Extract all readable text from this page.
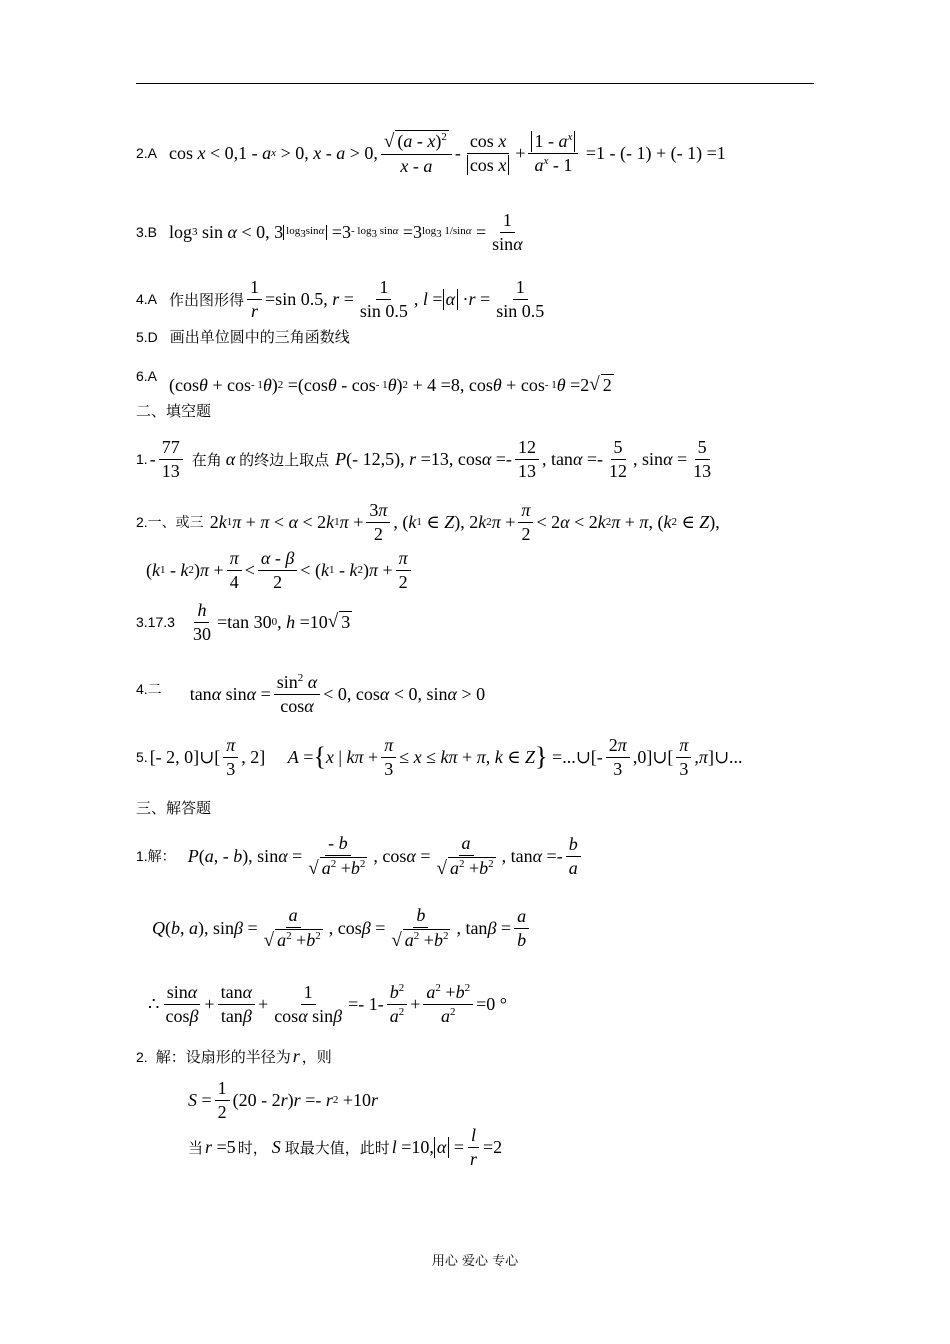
2.A cos x < 0,1 - a x > 0, x - a > 0,
√ (a - x)$^2$
x - a
-
cos x
cos x
+
$1 - a^x$
$a^x - 1$
=1 - (- 1) + (- 1) =1
3.B log 3 sin α < 0, 3 $\log_3\sin\alpha =3 - \log_3 \sin\alpha =3$ $\log_3 1/\sin\alpha$ =
1
sinα
4.A 作出图形得
1
r
=sin 0.5, r =
1
sin 0.5
, l = α · r =
1
sin 0.5
5.D 画出单位圆中的三角函数线
6.A (cos θ + cos - 1 θ ) 2 =(cos θ - cos - 1 θ ) 2 + 4 =8, cos θ + cos - 1 θ =2 √ 2
二、填空题
1. -
77
13
在角 α 的终边上取点 P (- 12,5), r =13, cos α =-
12
13
, tan α =-
5
12
, sin α =
5
13
2.一、或三 2 k 1 π + π < α < 2 k 1 π +
3π
2
, ( k 1 ∈ Z ), 2 k 2 π +
π
2
< 2 α < 2 k 2 π + π , ( k 2 ∈ Z ),
( k 1 - k 2 ) π +
π
4
<
α - β
2
< ( k 1 - k 2 ) π +
π
2
3.17.3
h
30
=tan 30 0 , h =10 √ 3
4.二 tan α sin α =
$\sin^2 \alpha$
cosα
< 0, cos α < 0, sin α > 0
5. [- 2, 0]∪[
π
3
, 2] A = { x | kπ +
π
3
≤ x ≤ kπ + π , k ∈ Z } =...∪[-
2π
3
,0]∪[
π
3
, π ]∪...
三、解答题
1.解： P ( a , - b ), sin α =
- b
√ $a^2 +b^2$ , cos α =
a
√ $a^2 +b^2$ , tan α =-
b
a
Q ( b , a ), sin β =
a
√ $a^2 +b^2$ , cos β =
b
√ $a^2 +b^2$ , tan β =
a
b
∴
sinα
cosβ
+
tanα
tanβ
+
1
cosα sinβ
=- 1-
$b^2$
$a^2$ +
$a^2 +b^2$
$a^2 =0$ °
2. 解：设扇形的半径为 r ，则
S =
1
2
(20 - 2 r ) r =- r 2 +10 r
当 r =5 时， S 取最大值，此时 l =10, α =
l
r
=2
用心 爱心 专心
